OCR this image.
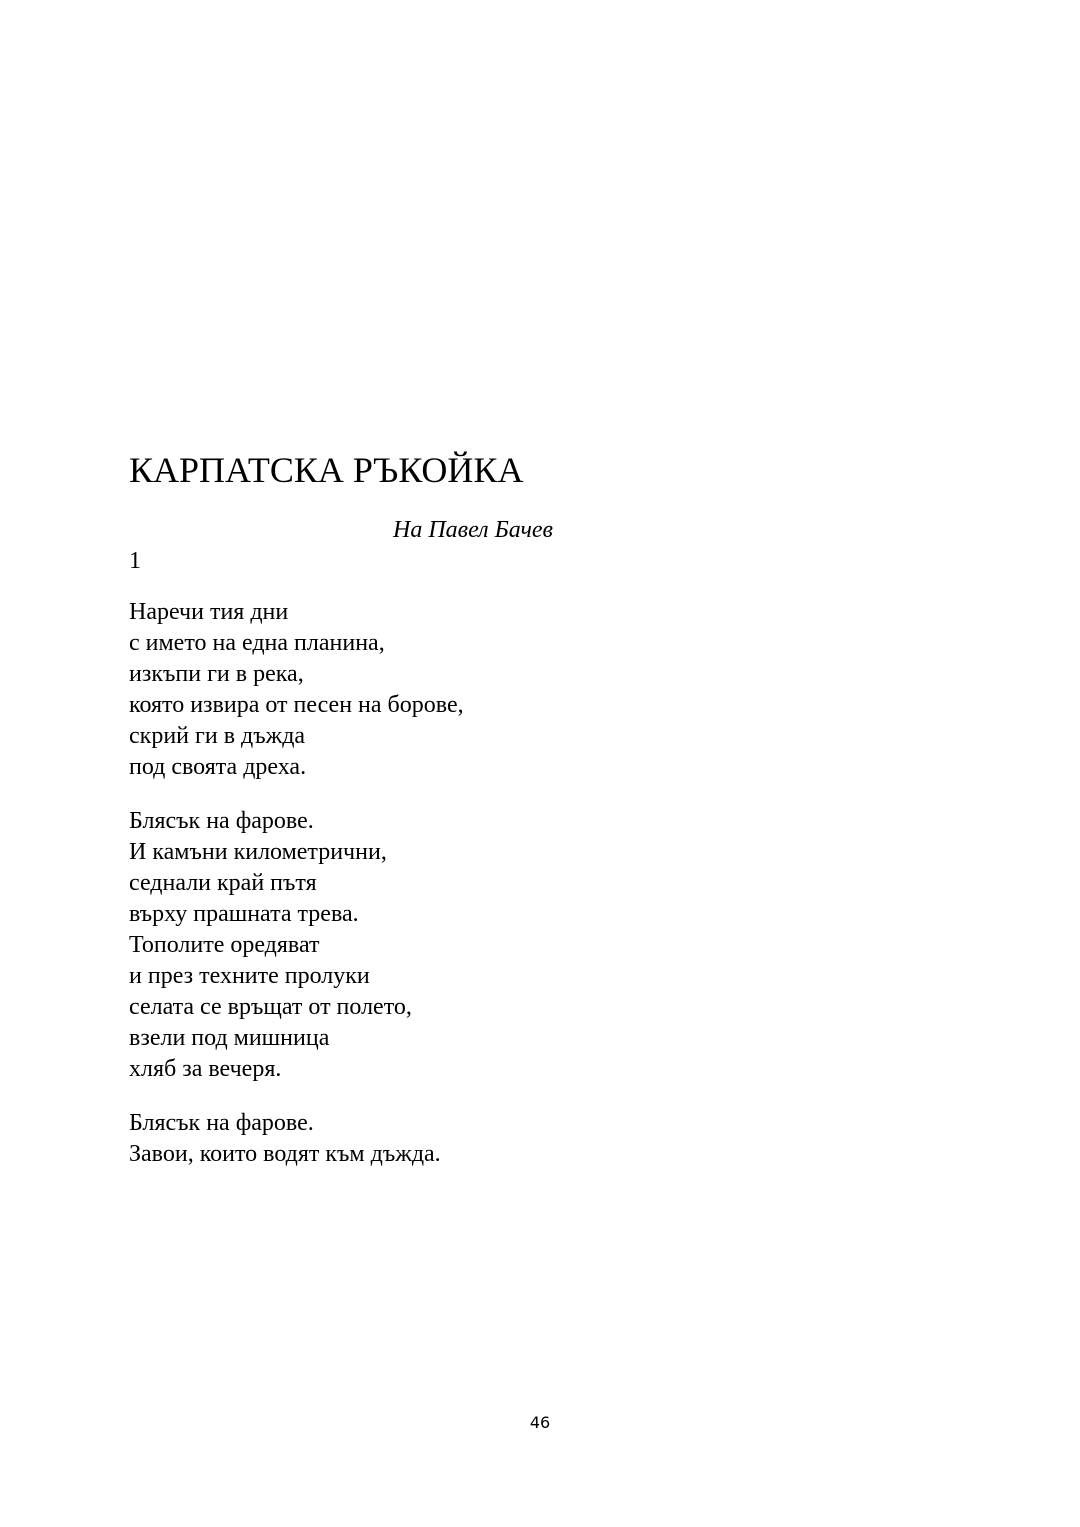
КАРПАТСКА РЪКОЙКА

На Павел Бачев

1

Наречи тия дни
с името на една планина,
изкъпи ги в река,
която извира от песен на борове,
скрий ги в дъжда
под своята дреха.
Блясък на фарове.
И камъни километрични,
седнали край пътя
върху прашната трева.
Тополите оредяват
и през техните пролуки
селата се връщат от полето,
взели под мишница
хляб за вечеря.
Блясък на фарове.
Завои, които водят към дъжда.
46
